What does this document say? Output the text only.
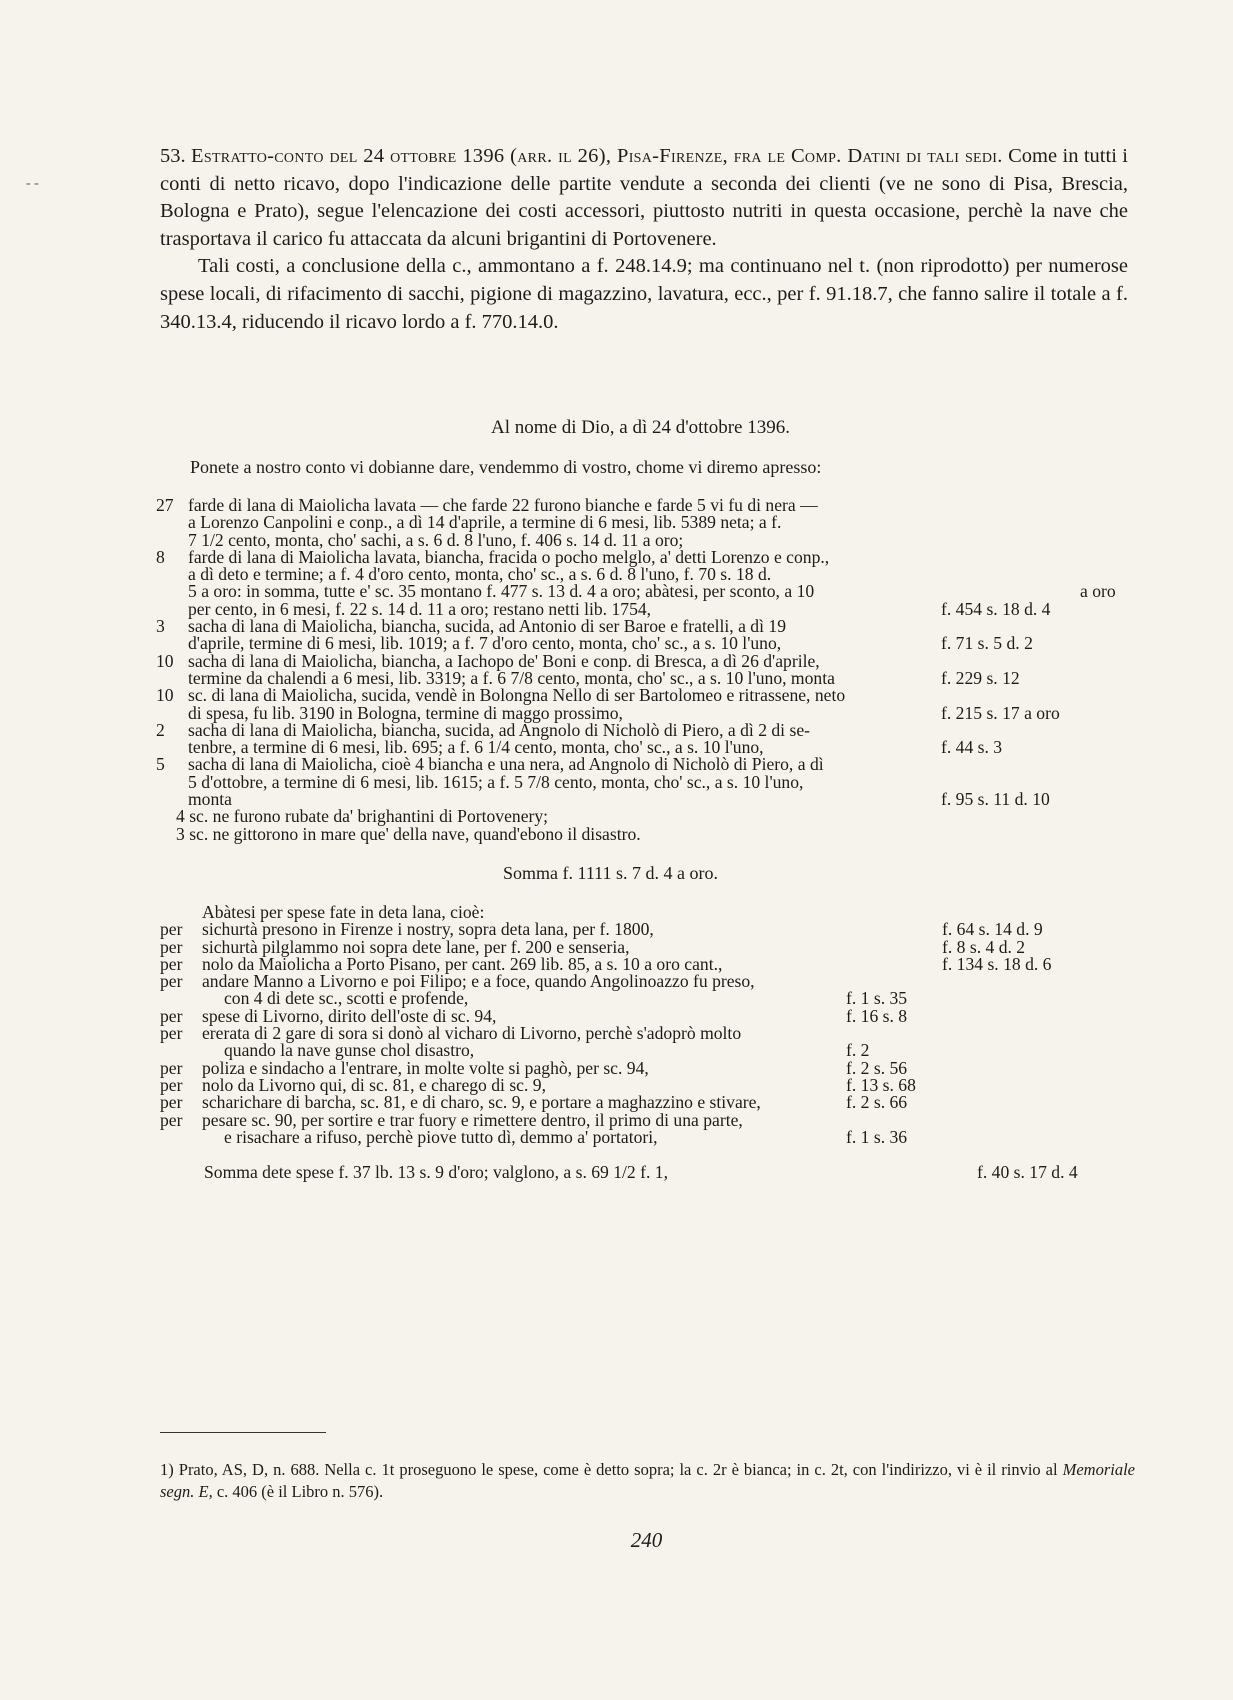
- -

53. Estratto-conto del 24 ottobre 1396 (arr. il 26), Pisa-Firenze, fra le Comp. Datini di tali sedi. Come in tutti i conti di netto ricavo, dopo l'indicazione delle partite vendute a seconda dei clienti (ve ne sono di Pisa, Brescia, Bologna e Prato), segue l'elencazione dei costi accessori, piuttosto nutriti in questa occasione, perchè la nave che trasportava il carico fu attaccata da alcuni brigantini di Portovenere.

Tali costi, a conclusione della c., ammontano a f. 248.14.9; ma continuano nel t. (non riprodotto) per numerose spese locali, di rifacimento di sacchi, pigione di magazzino, lavatura, ecc., per f. 91.18.7, che fanno salire il totale a f. 340.13.4, riducendo il ricavo lordo a f. 770.14.0.

Al nome di Dio, a dì 24 d'ottobre 1396.
Ponete a nostro conto vi dobianne dare, vendemmo di vostro, chome vi diremo apresso:
27 farde di lana di Maiolicha lavata — che farde 22 furono bianche e farde 5 vi fu di nera —
a Lorenzo Canpolini e conp., a dì 14 d'aprile, a termine di 6 mesi, lib. 5389 neta; a f.
7 1/2 cento, monta, cho' sachi, a s. 6 d. 8 l'uno, f. 406 s. 14 d. 11 a oro;
8	farde di lana di Maiolicha lavata, biancha, fracida o pocho melglo, a' detti Lorenzo e conp.,
a dì deto e termine; a f. 4 d'oro cento, monta, cho' sc., a s. 6 d. 8 l'uno, f. 70 s. 18 d.
5 a oro: in somma, tutte e' sc. 35 montano f. 477 s. 13 d. 4 a oro; abàtesi, per sconto, a 10	a oro
per cento, in 6 mesi, f. 22 s. 14 d. 11 a oro; restano netti lib. 1754,	f. 454 s. 18 d. 4
3	sacha di lana di Maiolicha, biancha, sucida, ad Antonio di ser Baroe e fratelli, a dì 19
d'aprile, termine di 6 mesi, lib. 1019; a f. 7 d'oro cento, monta, cho' sc., a s. 10 l'uno,	f. 71 s. 5 d. 2
10 sacha di lana di Maiolicha, biancha, a Iachopo de' Boni e conp. di Bresca, a dì 26 d'aprile,
termine da chalendi a 6 mesi, lib. 3319; a f. 6 7/8 cento, monta, cho' sc., a s. 10 l'uno, monta	f. 229 s. 12
10 sc. di lana di Maiolicha, sucida, vendè in Bolongna Nello di ser Bartolomeo e ritrassene, neto
di spesa, fu lib. 3190 in Bologna, termine di maggo prossimo,	f. 215 s. 17 a oro
2	sacha di lana di Maiolicha, biancha, sucida, ad Angnolo di Nicholò di Piero, a dì 2 di se-
tenbre, a termine di 6 mesi, lib. 695; a f. 6 1/4 cento, monta, cho' sc., a s. 10 l'uno,	f. 44 s. 3
5	sacha di lana di Maiolicha, cioè 4 biancha e una nera, ad Angnolo di Nicholò di Piero, a dì
5 d'ottobre, a termine di 6 mesi, lib. 1615; a f. 5 7/8 cento, monta, cho' sc., a s. 10 l'uno,
monta	f. 95 s. 11 d. 10
4 sc. ne furono rubate da' brighantini di Portovenery;
3 sc. ne gittorono in mare que' della nave, quand'ebono il disastro.
Somma f. 1111 s. 7 d. 4 a oro.
Abàtesi per spese fate in deta lana, cioè:
per sichurtà presono in Firenze i nostry, sopra deta lana, per f. 1800,	f. 64 s. 14 d. 9
per sichurtà pilglammo noi sopra dete lane, per f. 200 e senseria,	f. 8 s. 4 d. 2
per nolo da Maiolicha a Porto Pisano, per cant. 269 lib. 85, a s. 10 a oro cant.,	f. 134 s. 18 d. 6
per andare Manno a Livorno e poi Filipo; e a foce, quando Angolinoazzo fu preso,
con 4 di dete sc., scotti e profende,	f. 1 s. 35
per spese di Livorno, dirito dell'oste di sc. 94,	f. 16 s. 8
per ererata di 2 gare di sora si donò al vicharo di Livorno, perchè s'adoprò molto
quando la nave gunse chol disastro,	f. 2
per poliza e sindacho a l'entrare, in molte volte si paghò, per sc. 94,	f. 2 s. 56
per nolo da Livorno qui, di sc. 81, e charego di sc. 9,	f. 13 s. 68
per scharichare di barcha, sc. 81, e di charo, sc. 9, e portare a maghazzino e stivare,	f. 2 s. 66
per pesare sc. 90, per sortire e trar fuory e rimettere dentro, il primo di una parte,
e risachare a rifuso, perchè piove tutto dì, demmo a' portatori,	f. 1 s. 36
Somma dete spese f. 37 lb. 13 s. 9 d'oro; valglono, a s. 69 1/2 f. 1,	f. 40 s. 17 d. 4

1) Prato, AS, D, n. 688. Nella c. 1t proseguono le spese, come è detto sopra; la c. 2r è bianca; in c. 2t, con l'indirizzo, vi è il rinvio al Memoriale segn. E, c. 406 (è il Libro n. 576).

240
